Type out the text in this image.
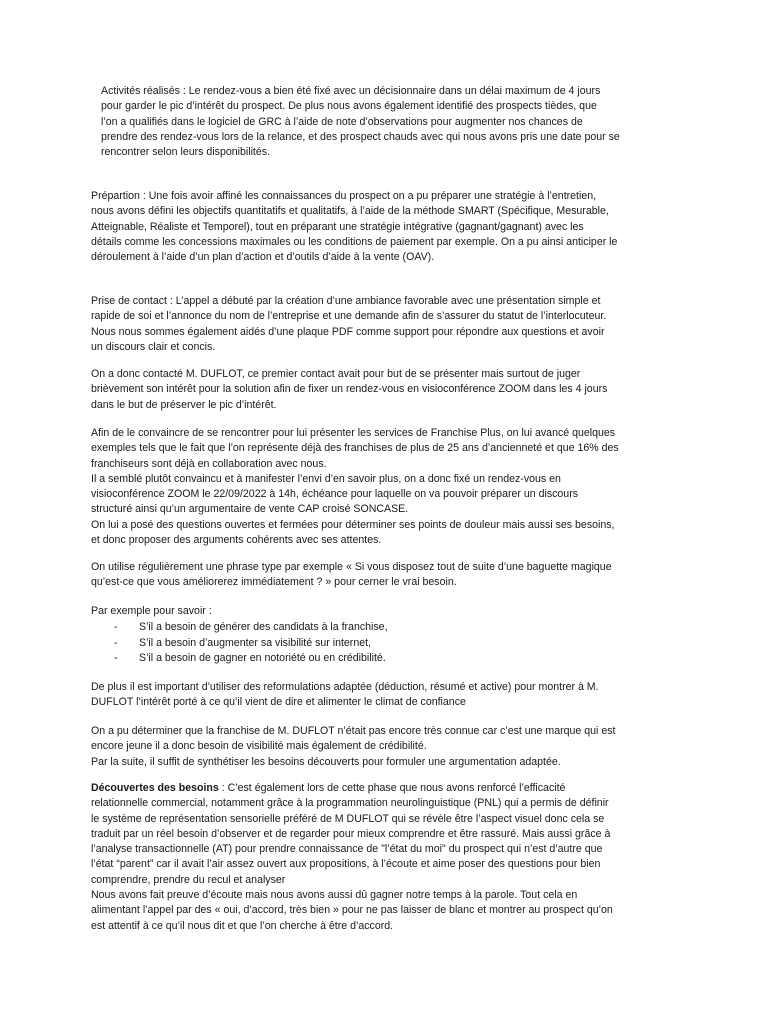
Activités réalisés : Le rendez-vous a bien été fixé avec un décisionnaire dans un délai maximum de 4 jours
pour garder le pic d’intérêt du prospect. De plus nous avons également identifié des prospects tièdes, que
l’on a qualifiés dans le logiciel de GRC à l’aide de note d’observations pour augmenter nos chances de
prendre des rendez-vous lors de la relance, et des prospect chauds avec qui nous avons pris une date pour se
rencontrer selon leurs disponibilités.
Prépartion : Une fois avoir affiné les connaissances du prospect on a pu préparer une stratégie à l’entretien,
nous avons défini les objectifs quantitatifs et qualitatifs, à l’aide de la méthode SMART (Spécifique, Mesurable,
Atteignable, Réaliste et Temporel), tout en préparant une stratégie intégrative (gagnant/gagnant) avec les
détails comme les concessions maximales ou les conditions de paiement par exemple. On a pu ainsi anticiper le
déroulement à l’aide d’un plan d’action et d’outils d’aide à la vente (OAV).
Prise de contact : L’appel a débuté par la création d’une ambiance favorable avec une présentation simple et
rapide de soi et l’annonce du nom de l’entreprise et une demande afin de s’assurer du statut de l’interlocuteur.
Nous nous sommes également aidés d’une plaque PDF comme support pour répondre aux questions et avoir
un discours clair et concis.
On a donc contacté M. DUFLOT, ce premier contact avait pour but de se présenter mais surtout de juger
brièvement son intérêt pour la solution afin de fixer un rendez-vous en visioconférence ZOOM dans les 4 jours
dans le but de préserver le pic d’intérêt.
Afin de le convaincre de se rencontrer pour lui présenter les services de Franchise Plus, on lui avancé quelques
exemples tels que le fait que l’on représente déjà des franchises de plus de 25 ans d’ancienneté et que 16% des
franchiseurs sont déjà en collaboration avec nous.
Il a semblé plutôt convaincu et à manifester l’envi d’en savoir plus, on a donc fixé un rendez-vous en
visioconférence ZOOM le 22/09/2022 à 14h, échéance pour laquelle on va pouvoir préparer un discours
structuré ainsi qu’un argumentaire de vente CAP croisé SONCASE.
On lui a posé des questions ouvertes et fermées pour déterminer ses points de douleur mais aussi ses besoins,
et donc proposer des arguments cohérents avec ses attentes.
On utilise régulièrement une phrase type par exemple « Si vous disposez tout de suite d’une baguette magique
qu’est-ce que vous améliorerez immédiatement ? » pour cerner le vrai besoin.
Par exemple pour savoir :
- S’il a besoin de générer des candidats à la franchise,
- S’il a besoin d’augmenter sa visibilité sur internet,
- S’il a besoin de gagner en notoriété ou en crédibilité.
De plus il est important d’utiliser des reformulations adaptée (déduction, résumé et active) pour montrer à M.
DUFLOT l’intérêt porté à ce qu’il vient de dire et alimenter le climat de confiance
On a pu déterminer que la franchise de M. DUFLOT n’était pas encore très connue car c’est une marque qui est
encore jeune il a donc besoin de visibilité mais également de crédibilité.
Par la suite, il suffit de synthétiser les besoins découverts pour formuler une argumentation adaptée.
Découvertes des besoins : C’est également lors de cette phase que nous avons renforcé l’efficacité
relationnelle commercial, notamment grâce à la programmation neurolinguistique (PNL) qui a permis de définir
le système de représentation sensorielle préféré de M DUFLOT qui se révèle être l’aspect visuel donc cela se
traduit par un réel besoin d’observer et de regarder pour mieux comprendre et être rassuré. Mais aussi grâce à
l’analyse transactionnelle (AT) pour prendre connaissance de "l’état du moi" du prospect qui n’est d’autre que
l’état “parent” car il avait l’air assez ouvert aux propositions, à l’écoute et aime poser des questions pour bien
comprendre, prendre du recul et analyser
Nous avons fait preuve d’écoute mais nous avons aussi dû gagner notre temps à la parole. Tout cela en
alimentant l’appel par des « oui, d’accord, très bien » pour ne pas laisser de blanc et montrer au prospect qu’on
est attentif à ce qu’il nous dit et que l’on cherche à être d’accord.
